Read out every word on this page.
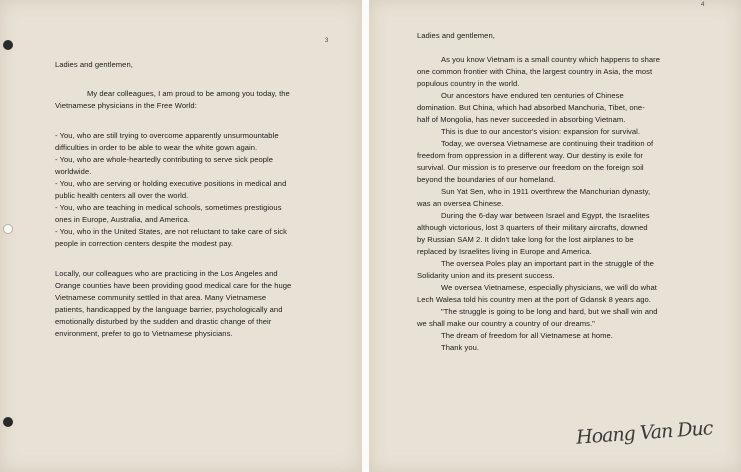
3
Ladies and gentlemen,
My dear colleagues, I am proud to be among you today, the
Vietnamese physicians in the Free World:
- You, who are still trying to overcome apparently unsurmountable
difficulties in order to be able to wear the white gown again.
- You, who are whole-heartedly contributing to serve sick people
worldwide.
- You, who are serving or holding executive positions in medical and
public health centers all over the world.
- You, who are teaching in medical schools, sometimes prestigious
ones in Europe, Australia, and America.
- You, who in the United States, are not reluctant to take care of sick
people in correction centers despite the modest pay.
Locally, our colleagues who are practicing in the Los Angeles and
Orange counties have been providing good medical care for the huge
Vietnamese community settled in that area. Many Vietnamese
patients, handicapped by the language barrier, psychologically and
emotionally disturbed by the sudden and drastic change of their
environment, prefer to go to Vietnamese physicians.
4
Ladies and gentlemen,
As you know Vietnam is a small country which happens to share
one common frontier with China, the largest country in Asia, the most
populous country in the world.
Our ancestors have endured ten centuries of Chinese
domination. But China, which had absorbed Manchuria, Tibet, one-
half of Mongolia, has never succeeded in absorbing Vietnam.
This is due to our ancestor's vision: expansion for survival.
Today, we oversea Vietnamese are continuing their tradition of
freedom from oppression in a different way. Our destiny is exile for
survival. Our mission is to preserve our freedom on the foreign soil
beyond the boundaries of our homeland.
Sun Yat Sen, who in 1911 overthrew the Manchurian dynasty,
was an oversea Chinese.
During the 6-day war between Israel and Egypt, the Israelites
although victorious, lost 3 quarters of their military aircrafts, downed
by Russian SAM 2. It didn't take long for the lost airplanes to be
replaced by Israelites living in Europe and America.
The oversea Poles play an important part in the struggle of the
Solidarity union and its present success.
We oversea Vietnamese, especially physicians, we will do what
Lech Walesa told his country men at the port of Gdansk 8 years ago.
"The struggle is going to be long and hard, but we shall win and
we shall make our country a country of our dreams."
The dream of freedom for all Vietnamese at home.
Thank you.
Hoang Van Duc
